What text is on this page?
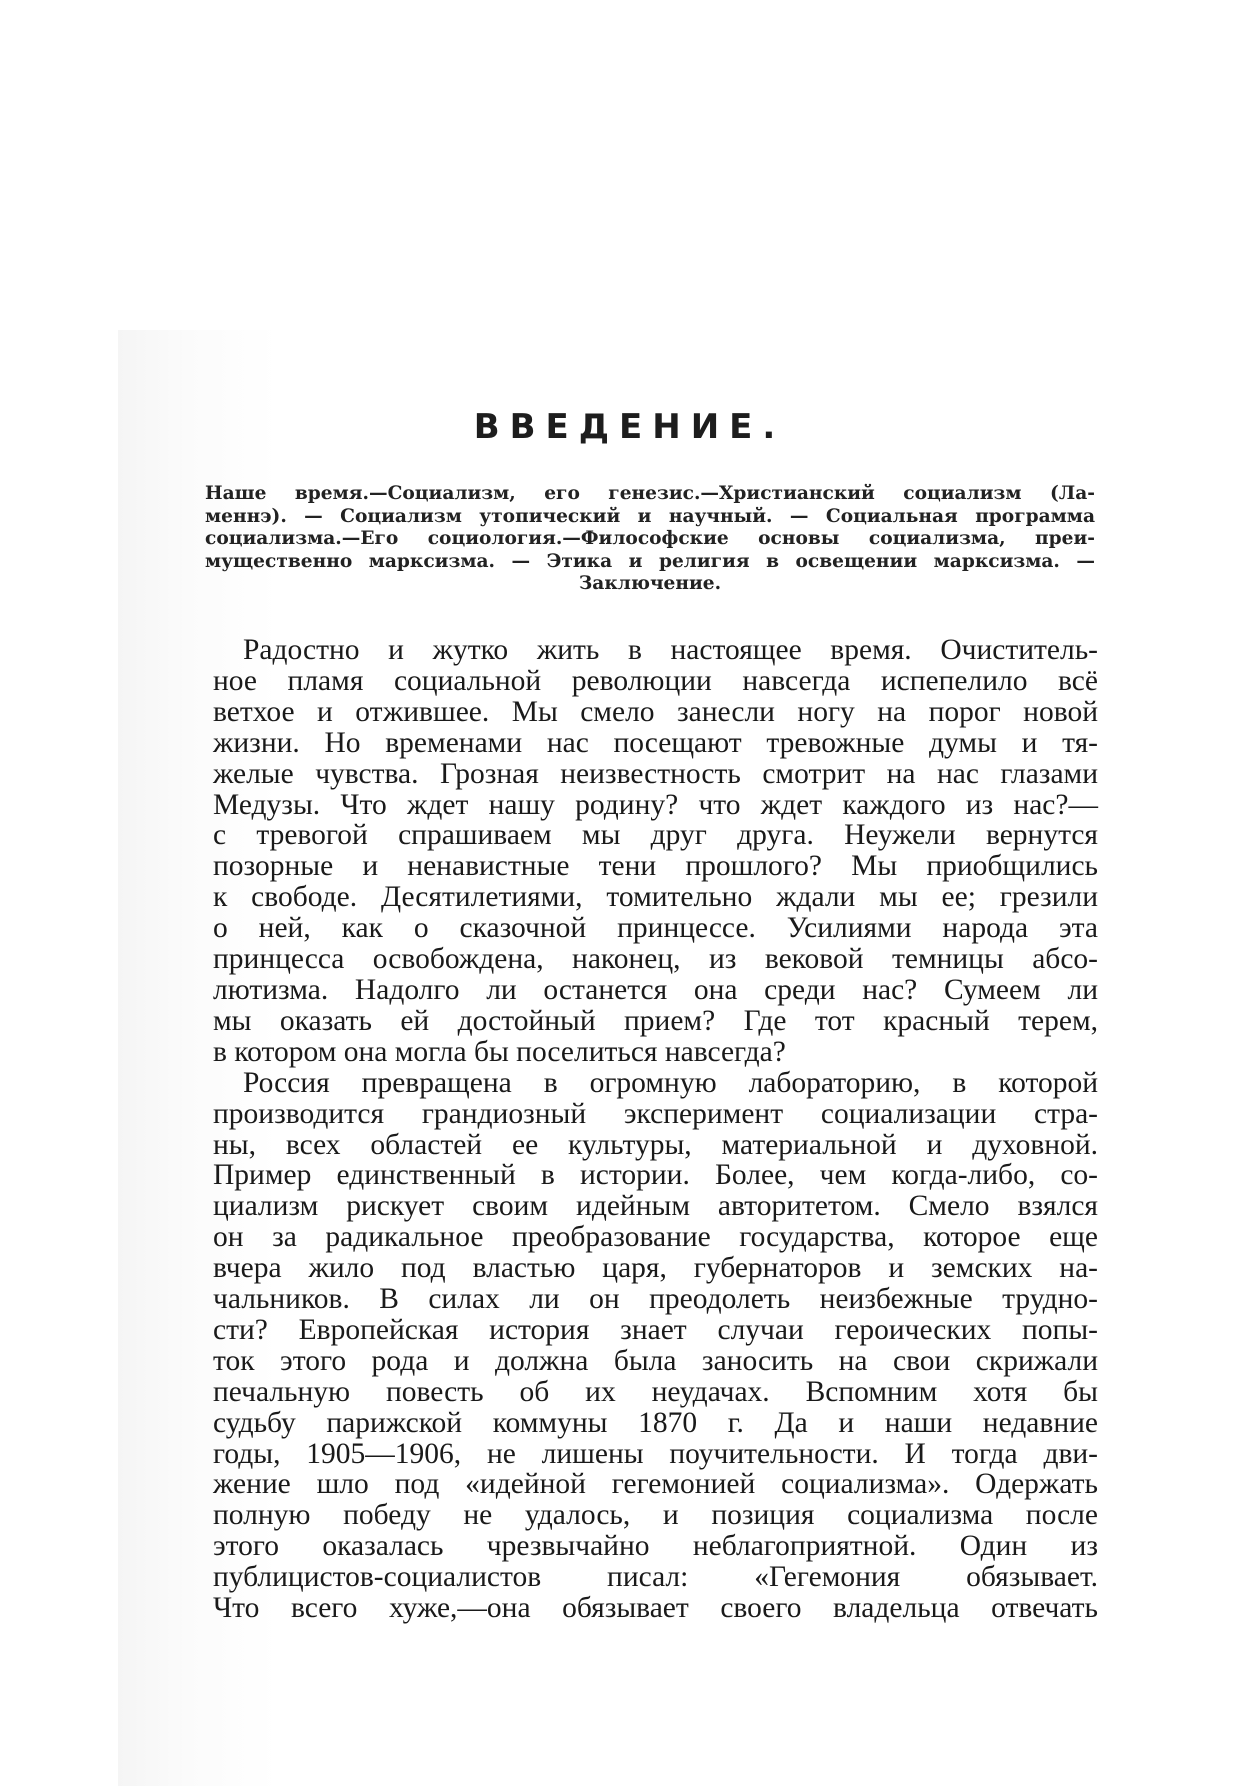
ВВЕДЕНИЕ.
Наше время.—Социализм, его генезис.—Христианский социализм (Ла-
меннэ). — Социализм утопический и научный. — Социальная программа
социализма.—Его социология.—Философские основы социализма, преи-
мущественно марксизма. — Этика и религия в освещении марксизма. —
Заключение.
Радостно и жутко жить в настоящее время. Очиститель-
ное пламя социальной революции навсегда испепелило всё
ветхое и отжившее. Мы смело занесли ногу на порог новой
жизни. Но временами нас посещают тревожные думы и тя-
желые чувства. Грозная неизвестность смотрит на нас глазами
Медузы. Что ждет нашу родину? что ждет каждого из нас?—
с тревогой спрашиваем мы друг друга. Неужели вернутся
позорные и ненавистные тени прошлого? Мы приобщились
к свободе. Десятилетиями, томительно ждали мы ее; грезили
о ней, как о сказочной принцессе. Усилиями народа эта
принцесса освобождена, наконец, из вековой темницы абсо-
лютизма. Надолго ли останется она среди нас? Сумеем ли
мы оказать ей достойный прием? Где тот красный терем,
в котором она могла бы поселиться навсегда?
Россия превращена в огромную лабораторию, в которой
производится грандиозный эксперимент социализации стра-
ны, всех областей ее культуры, материальной и духовной.
Пример единственный в истории. Более, чем когда-либо, со-
циализм рискует своим идейным авторитетом. Смело взялся
он за радикальное преобразование государства, которое еще
вчера жило под властью царя, губернаторов и земских на-
чальников. В силах ли он преодолеть неизбежные трудно-
сти? Европейская история знает случаи героических попы-
ток этого рода и должна была заносить на свои скрижали
печальную повесть об их неудачах. Вспомним хотя бы
судьбу парижской коммуны 1870 г. Да и наши недавние
годы, 1905—1906, не лишены поучительности. И тогда дви-
жение шло под «идейной гегемонией социализма». Одержать
полную победу не удалось, и позиция социализма после
этого оказалась чрезвычайно неблагоприятной. Один из
публицистов-социалистов писал: «Гегемония обязывает.
Что всего хуже,—она обязывает своего владельца отвечать
